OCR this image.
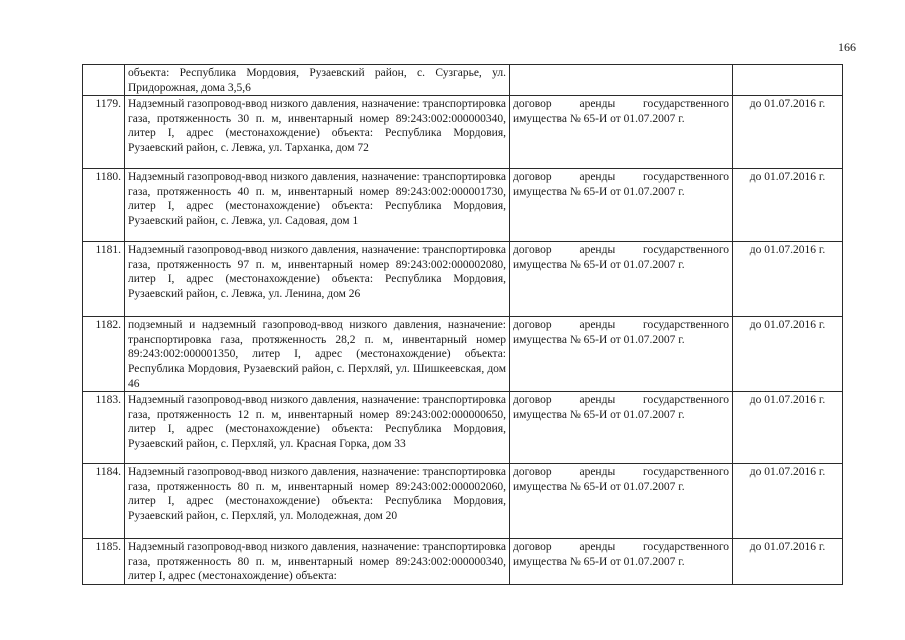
166
	объекта: Республика Мордовия, Рузаевский район, с. Сузгарье, ул. Придорожная, дома 3,5,6		
1179.	Надземный газопровод-ввод низкого давления, назначение: транспортировка газа, протяженность 30 п. м, инвентарный номер 89:243:002:000000340, литер I, адрес (местонахождение) объекта: Республика Мордовия, Рузаевский район, с. Левжа, ул. Тарханка, дом 72	договор аренды государственного имущества № 65-И от 01.07.2007 г.	до 01.07.2016 г.
1180.	Надземный газопровод-ввод низкого давления, назначение: транспортировка газа, протяженность 40 п. м, инвентарный номер 89:243:002:000001730, литер I, адрес (местонахождение) объекта: Республика Мордовия, Рузаевский район, с. Левжа, ул. Садовая, дом 1	договор аренды государственного имущества № 65-И от 01.07.2007 г.	до 01.07.2016 г.
1181.	Надземный газопровод-ввод низкого давления, назначение: транспортировка газа, протяженность 97 п. м, инвентарный номер 89:243:002:000002080, литер I, адрес (местонахождение) объекта: Республика Мордовия, Рузаевский район, с. Левжа, ул. Ленина, дом 26	договор аренды государственного имущества № 65-И от 01.07.2007 г.	до 01.07.2016 г.
1182.	подземный и надземный газопровод-ввод низкого давления, назначение: транспортировка газа, протяженность 28,2 п. м, инвентарный номер 89:243:002:000001350, литер I, адрес (местонахождение) объекта: Республика Мордовия, Рузаевский район, с. Перхляй, ул. Шишкеевская, дом 46	договор аренды государственного имущества № 65-И от 01.07.2007 г.	до 01.07.2016 г.
1183.	Надземный газопровод-ввод низкого давления, назначение: транспортировка газа, протяженность 12 п. м, инвентарный номер 89:243:002:000000650, литер I, адрес (местонахождение) объекта: Республика Мордовия, Рузаевский район, с. Перхляй, ул. Красная Горка, дом 33	договор аренды государственного имущества № 65-И от 01.07.2007 г.	до 01.07.2016 г.
1184.	Надземный газопровод-ввод низкого давления, назначение: транспортировка газа, протяженность 80 п. м, инвентарный номер 89:243:002:000002060, литер I, адрес (местонахождение) объекта: Республика Мордовия, Рузаевский район, с. Перхляй, ул. Молодежная, дом 20	договор аренды государственного имущества № 65-И от 01.07.2007 г.	до 01.07.2016 г.
1185.	Надземный газопровод-ввод низкого давления, назначение: транспортировка газа, протяженность 80 п. м, инвентарный номер 89:243:002:000000340, литер I, адрес (местонахождение) объекта:	договор аренды государственного имущества № 65-И от 01.07.2007 г.	до 01.07.2016 г.
